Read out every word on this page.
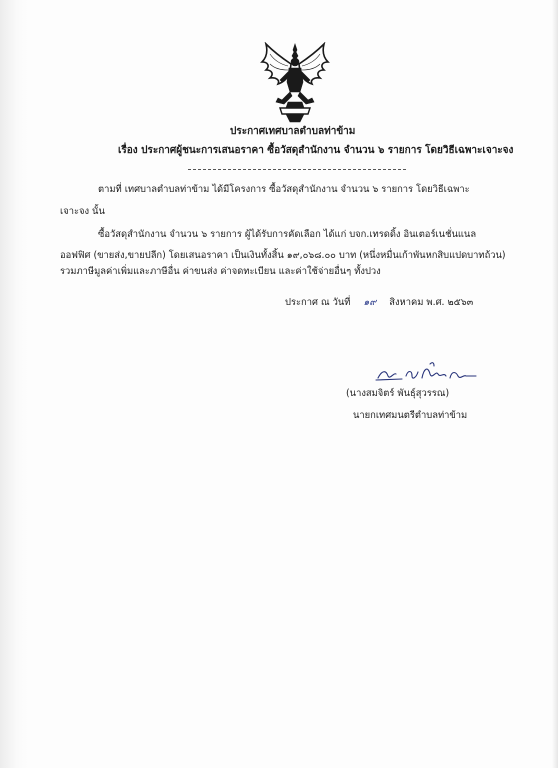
ประกาศเทศบาลตำบลท่าข้าม
เรื่อง ประกาศผู้ชนะการเสนอราคา ซื้อวัสดุสำนักงาน จำนวน ๖ รายการ โดยวิธีเฉพาะเจาะจง
ตามที่ เทศบาลตำบลท่าข้าม ได้มีโครงการ ซื้อวัสดุสำนักงาน จำนวน ๖ รายการ โดยวิธีเฉพาะ
เจาะจง นั้น
ซื้อวัสดุสำนักงาน จำนวน ๖ รายการ ผู้ได้รับการคัดเลือก ได้แก่ บจก.เทรดดิ้ง อินเตอร์เนชั่นแนล
ออฟฟิศ (ขายส่ง,ขายปลีก) โดยเสนอราคา เป็นเงินทั้งสิ้น ๑๙,๐๖๘.๐๐ บาท (หนึ่งหมื่นเก้าพันหกสิบแปดบาทถ้วน)
รวมภาษีมูลค่าเพิ่มและภาษีอื่น ค่าขนส่ง ค่าจดทะเบียน และค่าใช้จ่ายอื่นๆ ทั้งปวง
ประกาศ ณ วันที่ ๑๙ สิงหาคม พ.ศ. ๒๕๖๓
(นางสมจิตร์ พันธุ์สุวรรณ)
นายกเทศมนตรีตำบลท่าข้าม
